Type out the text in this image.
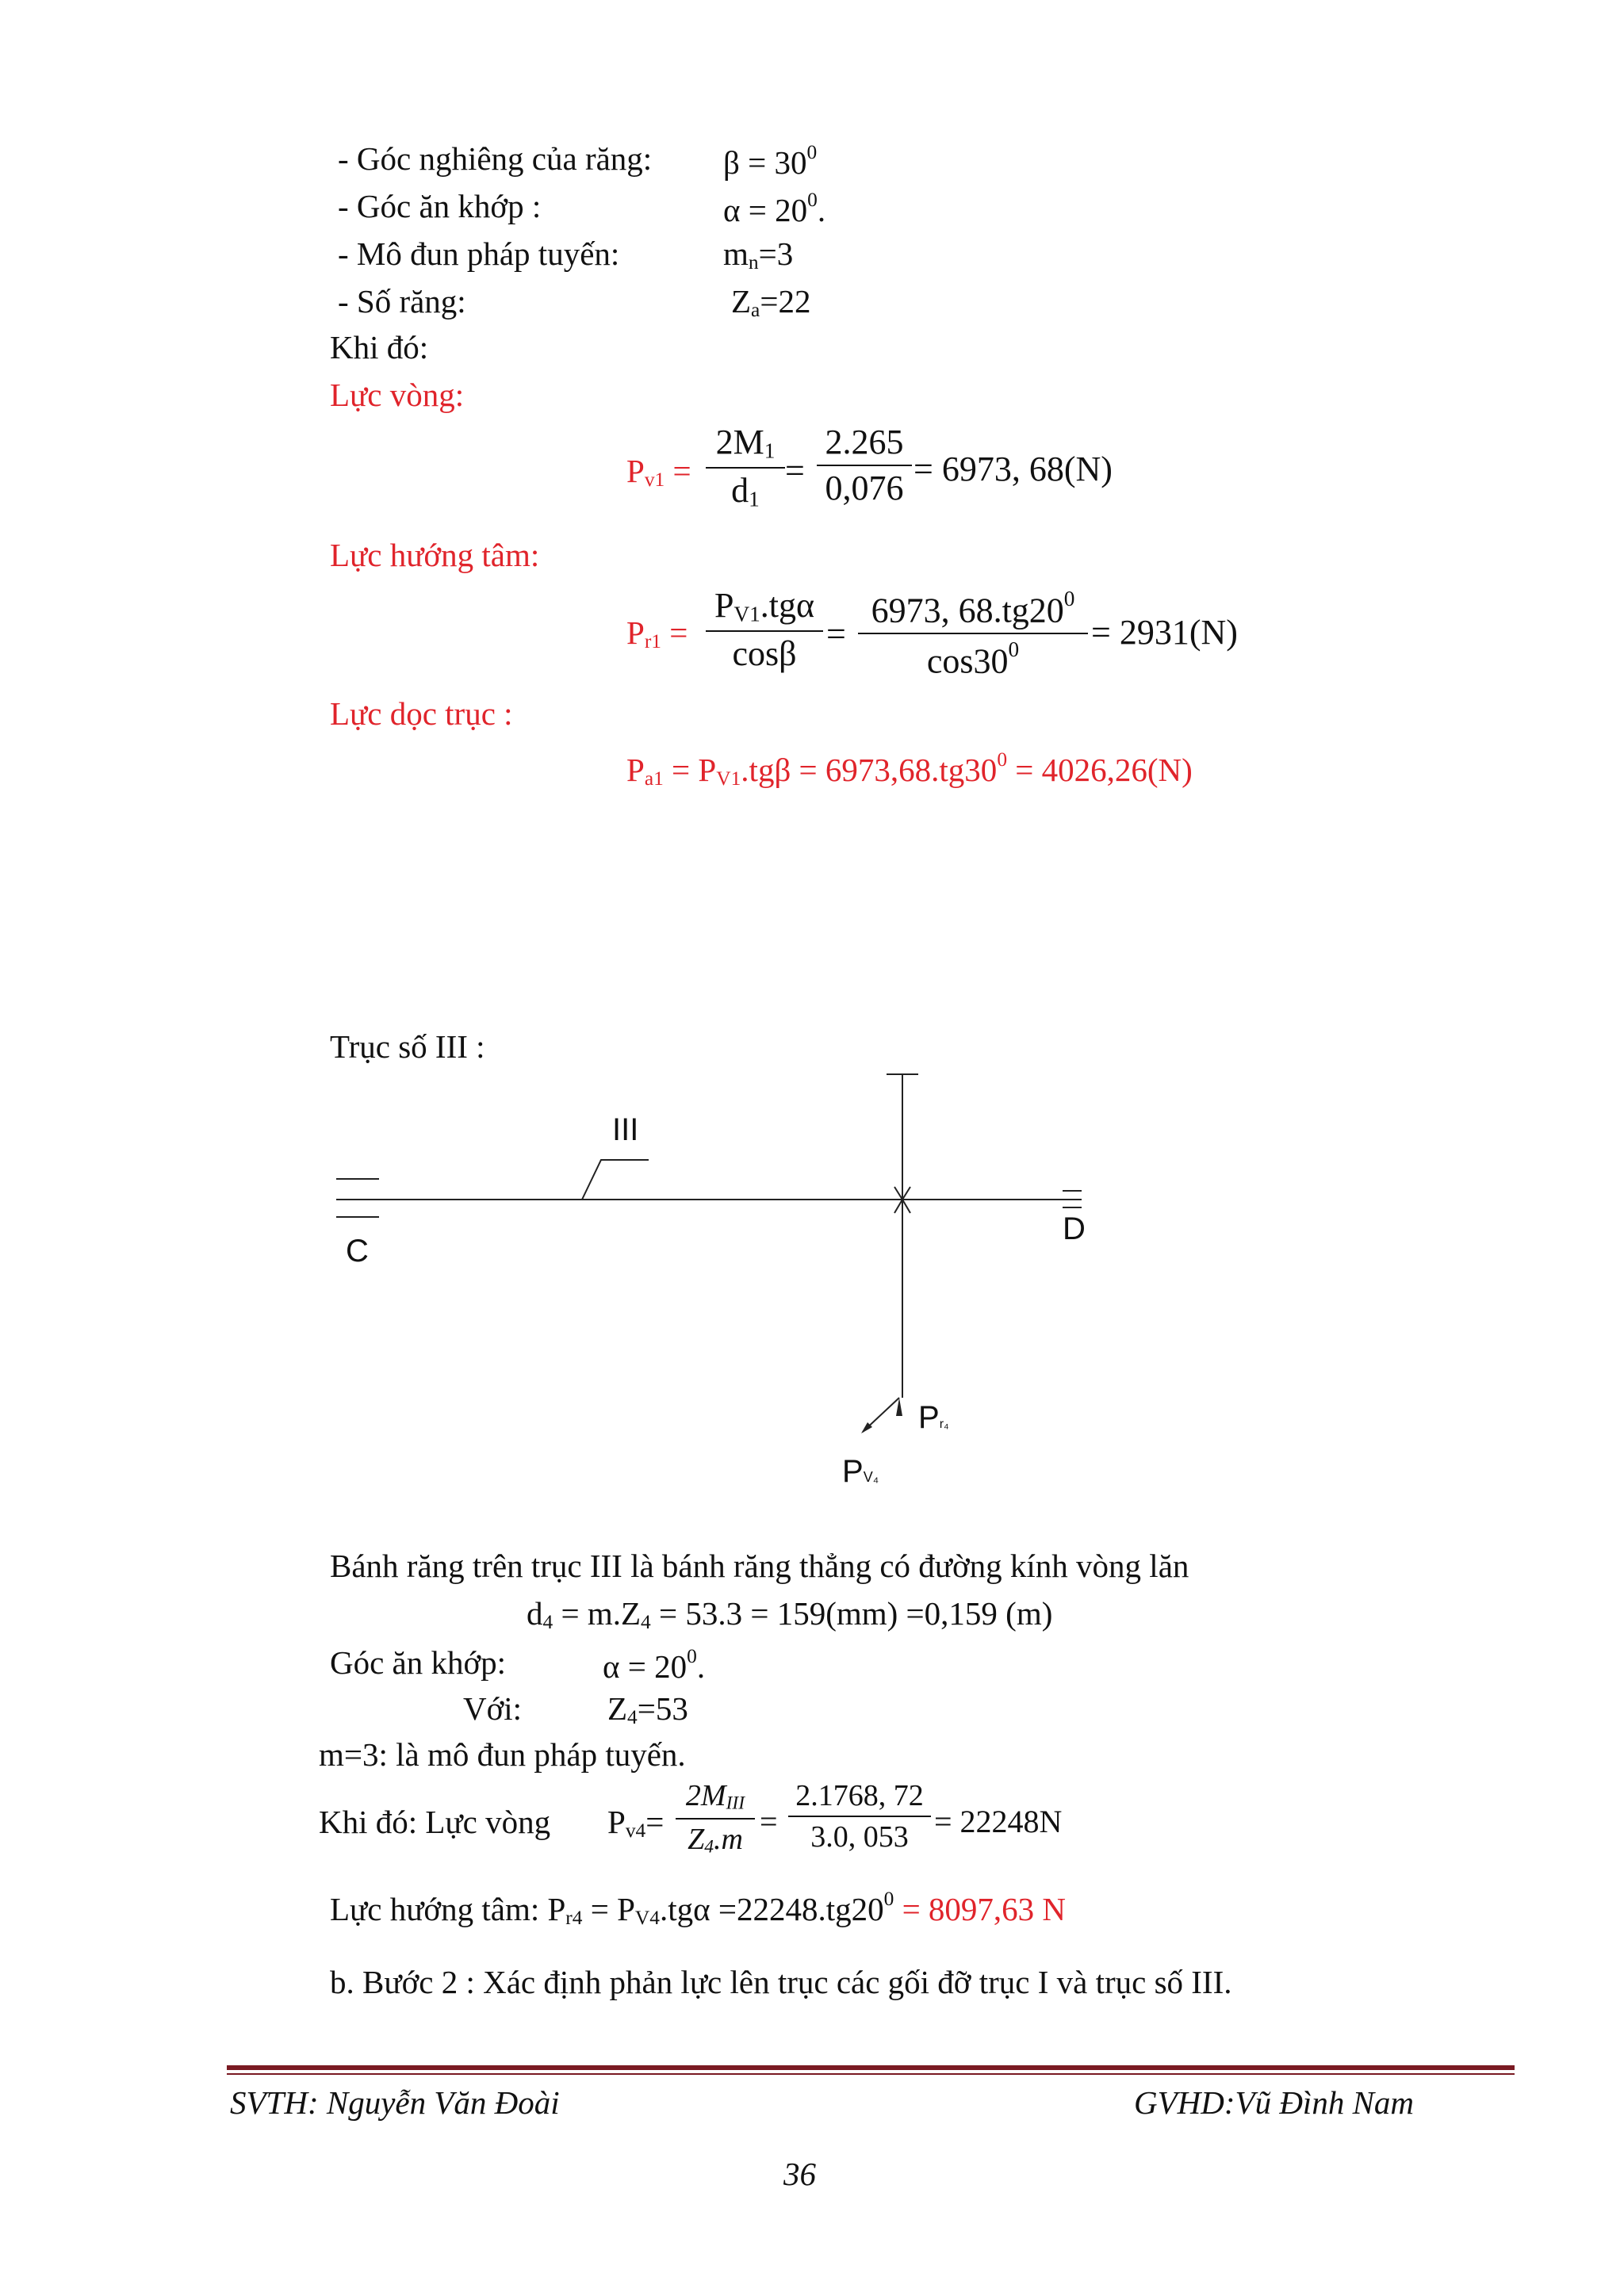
- Góc nghiêng của răng: $\beta = 30^0$
- Góc ăn khớp :	$\alpha = 20^0$.
- Mô đun pháp tuyến:	mn=3
- Số răng:	Za=22
Khi đó:
Lực vòng:
Pv1 =
$2M_1$
$d_1$
=
2.265
0,076 = 6973, 68(N)
Lực hướng tâm:
Pr1 =
$P_{V1}.tg\alpha$
cosβ
=
6973, $68.tg20^0$
$\cos 30^0$	= 2931(N)
Lực dọc trục :
$Pa1 = PV1.tg\beta = 6973,68.tg30^0 = 4026,26(N)$
Trục số III :
III
C
D
Pr₄
PV₄
Bánh răng trên trục III là bánh răng thẳng có đường kính vòng lăn
d4 = m.Z4 = 53.3 = 159(mm) =0,159 (m)
Góc ăn khớp:	$\alpha = 20^0$.
Với:	Z4=53
m=3: là mô đun pháp tuyến.
Khi đó: Lực vòng Pv4=
$2M_{III}$
$Z_4.m$
=
2.1768, 72
3.0, 053 = 22248N
Lực hướng tâm: $Pr4 = PV4.tg\alpha =22248.tg20^0 = 8097,63$ N
b. Bước 2 : Xác định phản lực lên trục các gối đỡ trục I và trục số III.
SVTH: Nguyễn Văn Đoài	GVHD:Vũ Đình Nam
36
